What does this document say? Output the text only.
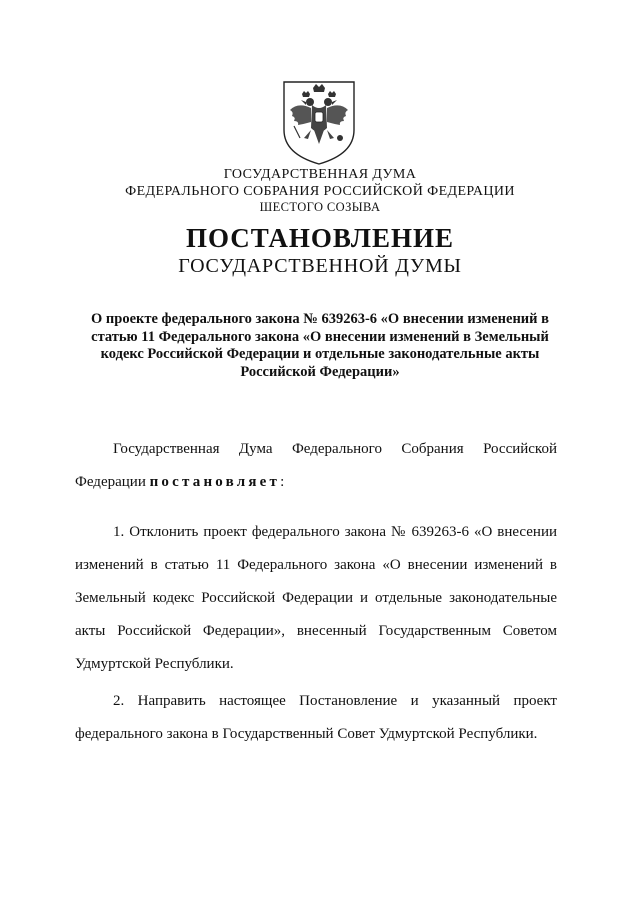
ГОСУДАРСТВЕННАЯ ДУМА
ФЕДЕРАЛЬНОГО СОБРАНИЯ РОССИЙСКОЙ ФЕДЕРАЦИИ
ШЕСТОГО СОЗЫВА
ПОСТАНОВЛЕНИЕ
ГОСУДАРСТВЕННОЙ ДУМЫ
О проекте федерального закона № 639263-6 «О внесении изменений в статью 11 Федерального закона «О внесении изменений в Земельный кодекс Российской Федерации и отдельные законодательные акты Российской Федерации»
Государственная Дума Федерального Собрания Российской Федерации постановляет:
1. Отклонить проект федерального закона № 639263-6 «О внесении изменений в статью 11 Федерального закона «О внесении изменений в Земельный кодекс Российской Федерации и отдельные законодательные акты Российской Федерации», внесенный Государственным Советом Удмуртской Республики.
2. Направить настоящее Постановление и указанный проект федерального закона в Государственный Совет Удмуртской Республики.
